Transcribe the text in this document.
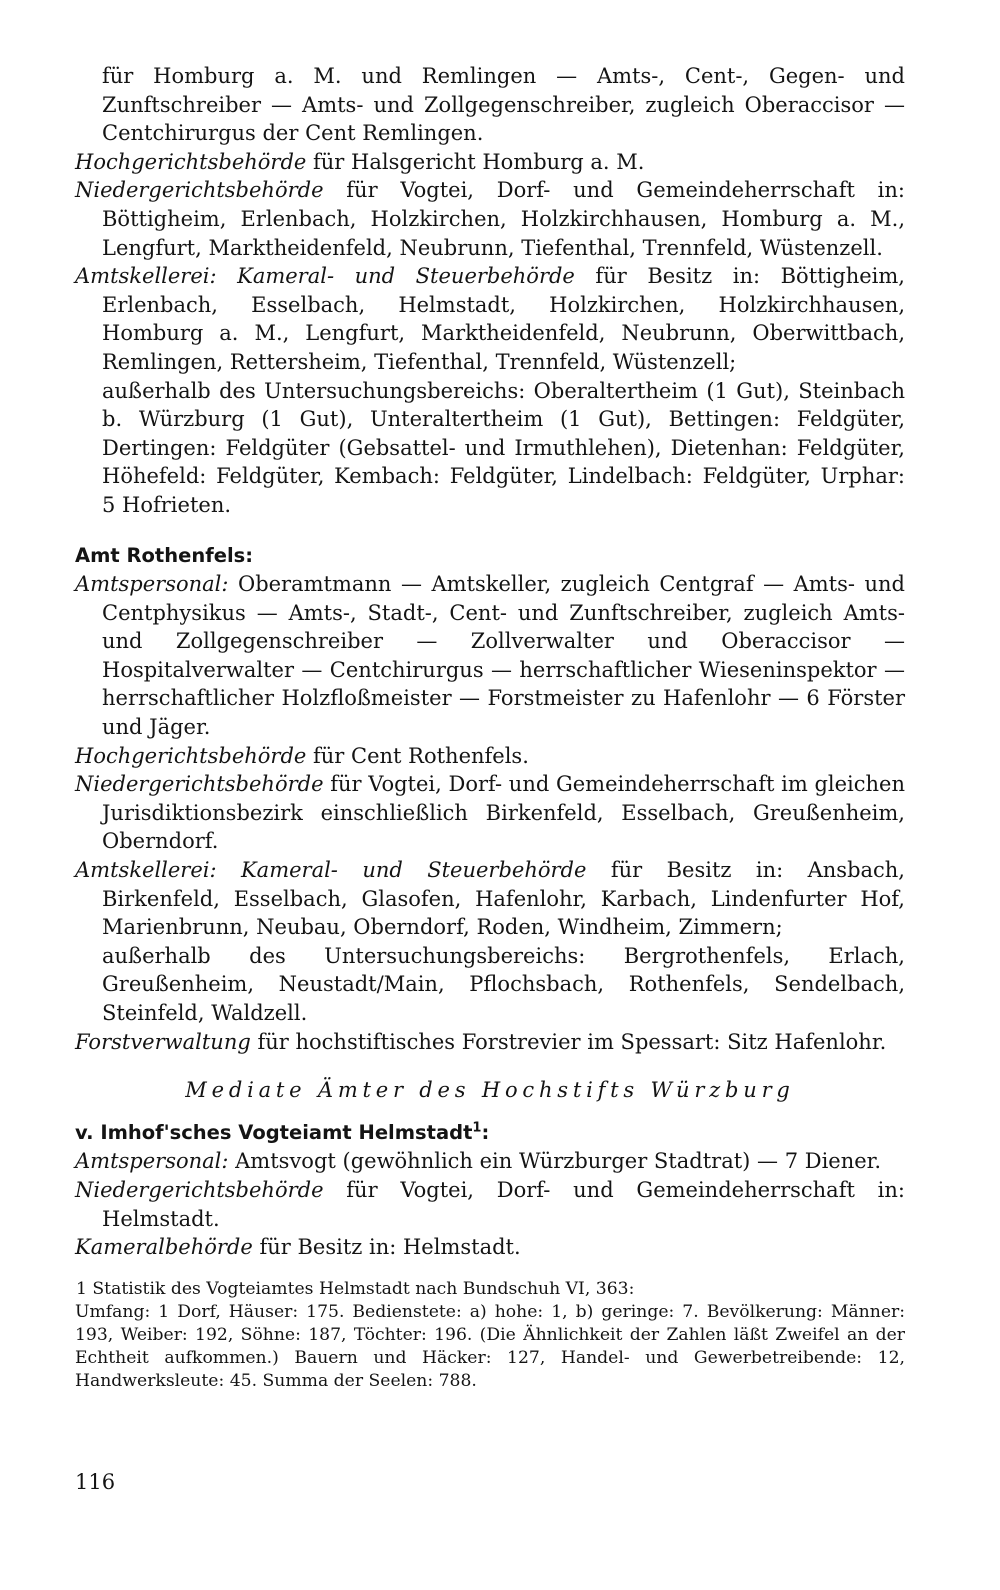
für Homburg a. M. und Remlingen — Amts-, Cent-, Gegen- und Zunftschreiber — Amts- und Zollgegenschreiber, zugleich Oberaccisor — Centchirurgus der Cent Remlingen.

Hochgerichtsbehörde für Halsgericht Homburg a. M.

Niedergerichtsbehörde für Vogtei, Dorf- und Gemeindeherrschaft in: Böttigheim, Erlenbach, Holzkirchen, Holzkirchhausen, Homburg a. M., Lengfurt, Marktheidenfeld, Neubrunn, Tiefenthal, Trennfeld, Wüstenzell.

Amtskellerei: Kameral- und Steuerbehörde für Besitz in: Böttigheim, Erlenbach, Esselbach, Helmstadt, Holzkirchen, Holzkirchhausen, Homburg a. M., Lengfurt, Marktheidenfeld, Neubrunn, Oberwittbach, Remlingen, Rettersheim, Tiefenthal, Trennfeld, Wüstenzell;

außerhalb des Untersuchungsbereichs: Oberaltertheim (1 Gut), Steinbach b. Würzburg (1 Gut), Unteraltertheim (1 Gut), Bettingen: Feldgüter, Dertingen: Feldgüter (Gebsattel- und Irmuthlehen), Dietenhan: Feldgüter, Höhefeld: Feldgüter, Kembach: Feldgüter, Lindelbach: Feldgüter, Urphar: 5 Hofrieten.

Amt Rothenfels:

Amtspersonal: Oberamtmann — Amtskeller, zugleich Centgraf — Amts- und Centphysikus — Amts-, Stadt-, Cent- und Zunftschreiber, zugleich Amts- und Zollgegenschreiber — Zollverwalter und Oberaccisor — Hospitalverwalter — Centchirurgus — herrschaftlicher Wieseninspektor — herrschaftlicher Holzfloßmeister — Forstmeister zu Hafenlohr — 6 Förster und Jäger.

Hochgerichtsbehörde für Cent Rothenfels.

Niedergerichtsbehörde für Vogtei, Dorf- und Gemeindeherrschaft im gleichen Jurisdiktionsbezirk einschließlich Birkenfeld, Esselbach, Greußenheim, Oberndorf.

Amtskellerei: Kameral- und Steuerbehörde für Besitz in: Ansbach, Birkenfeld, Esselbach, Glasofen, Hafenlohr, Karbach, Lindenfurter Hof, Marienbrunn, Neubau, Oberndorf, Roden, Windheim, Zimmern;

außerhalb des Untersuchungsbereichs: Bergrothenfels, Erlach, Greußenheim, Neustadt/Main, Pflochsbach, Rothenfels, Sendelbach, Steinfeld, Waldzell.

Forstverwaltung für hochstiftisches Forstrevier im Spessart: Sitz Hafenlohr.

Mediate Ämter des Hochstifts Würzburg

v. Imhof'sches Vogteiamt Helmstadt$^1$:

Amtspersonal: Amtsvogt (gewöhnlich ein Würzburger Stadtrat) — 7 Diener.

Niedergerichtsbehörde für Vogtei, Dorf- und Gemeindeherrschaft in: Helmstadt.

Kameralbehörde für Besitz in: Helmstadt.

1 Statistik des Vogteiamtes Helmstadt nach Bundschuh VI, 363:

Umfang: 1 Dorf, Häuser: 175. Bedienstete: a) hohe: 1, b) geringe: 7. Bevölkerung: Männer: 193, Weiber: 192, Söhne: 187, Töchter: 196. (Die Ähnlichkeit der Zahlen läßt Zweifel an der Echtheit aufkommen.) Bauern und Häcker: 127, Handel- und Gewerbetreibende: 12, Handwerksleute: 45. Summa der Seelen: 788.

116
